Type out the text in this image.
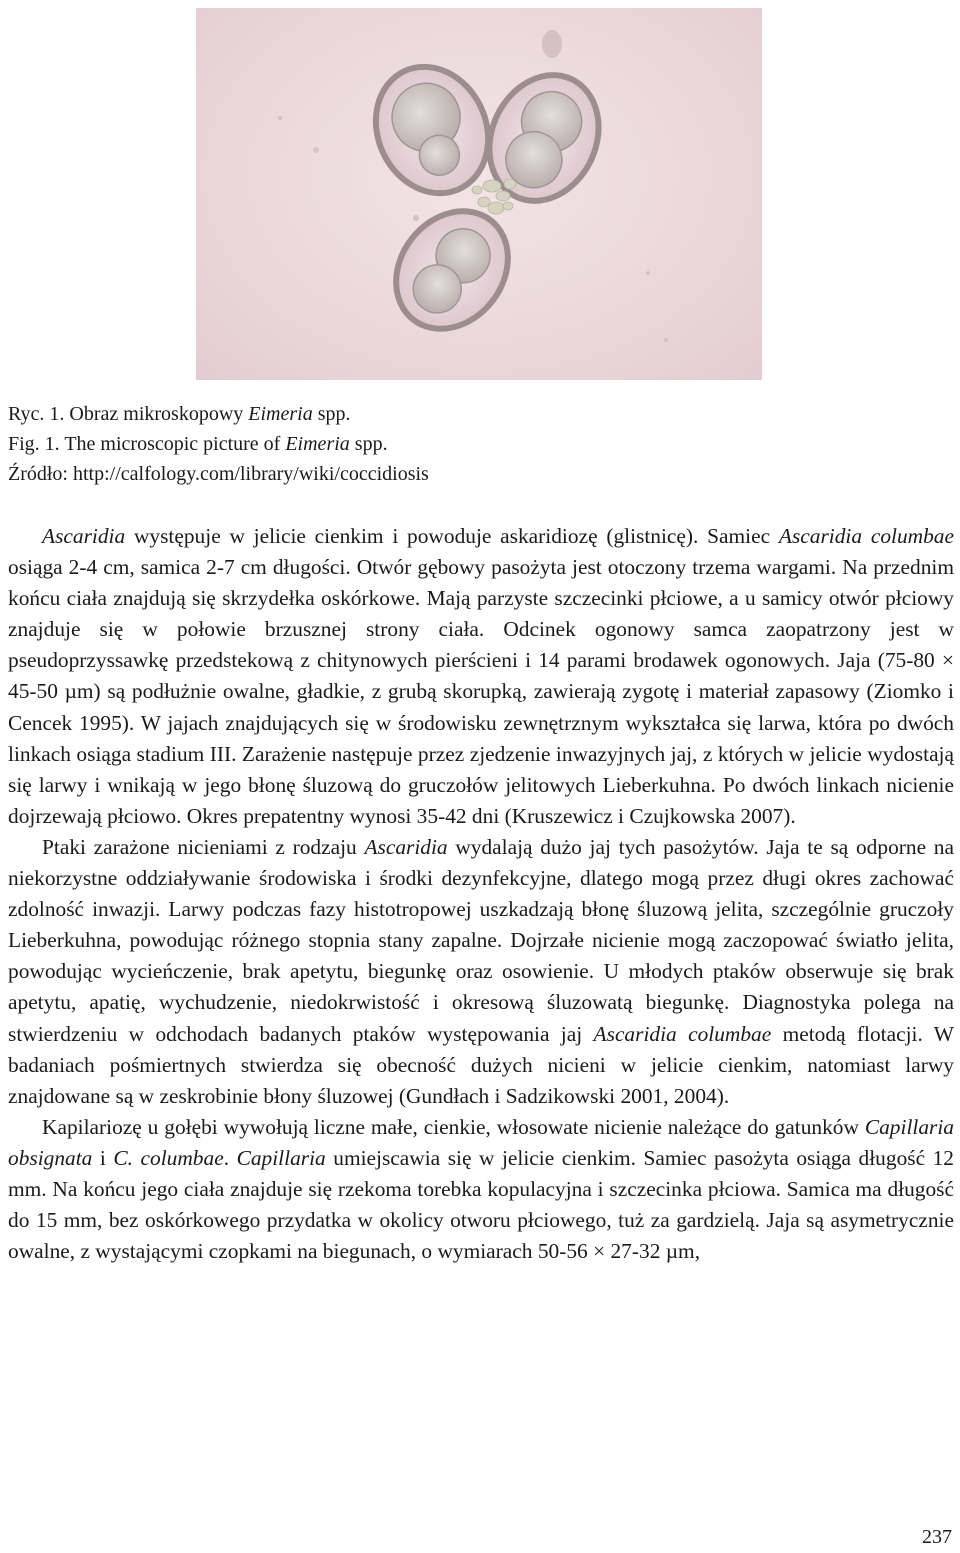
Ryc. 1. Obraz mikroskopowy Eimeria spp.
Fig. 1. The microscopic picture of Eimeria spp.
Źródło: http://calfology.com/library/wiki/coccidiosis

Ascaridia występuje w jelicie cienkim i powoduje askaridiozę (glistnicę). Samiec Ascaridia columbae osiąga 2-4 cm, samica 2-7 cm długości. Otwór gębowy pasożyta jest otoczony trzema wargami. Na przednim końcu ciała znajdują się skrzydełka oskórkowe. Mają parzyste szczecinki płciowe, a u samicy otwór płciowy znajduje się w połowie brzusznej strony ciała. Odcinek ogonowy samca zaopatrzony jest w pseudoprzyssawkę przedstekową z chitynowych pierścieni i 14 parami brodawek ogonowych. Jaja (75-80 × 45-50 µm) są podłużnie owalne, gładkie, z grubą skorupką, zawierają zygotę i materiał zapasowy (Ziomko i Cencek 1995). W jajach znajdujących się w środowisku zewnętrznym wykształca się larwa, która po dwóch linkach osiąga stadium III. Zarażenie następuje przez zjedzenie inwazyjnych jaj, z których w jelicie wydostają się larwy i wnikają w jego błonę śluzową do gruczołów jelitowych Lieberkuhna. Po dwóch linkach nicienie dojrzewają płciowo. Okres prepatentny wynosi 35-42 dni (Kruszewicz i Czujkowska 2007).

Ptaki zarażone nicieniami z rodzaju Ascaridia wydalają dużo jaj tych pasożytów. Jaja te są odporne na niekorzystne oddziaływanie środowiska i środki dezynfekcyjne, dlatego mogą przez długi okres zachować zdolność inwazji. Larwy podczas fazy histotropowej uszkadzają błonę śluzową jelita, szczególnie gruczoły Lieberkuhna, powodując różnego stopnia stany zapalne. Dojrzałe nicienie mogą zaczopować światło jelita, powodując wycieńczenie, brak apetytu, biegunkę oraz osowienie. U młodych ptaków obserwuje się brak apetytu, apatię, wychudzenie, niedokrwistość i okresową śluzowatą biegunkę. Diagnostyka polega na stwierdzeniu w odchodach badanych ptaków występowania jaj Ascaridia columbae metodą flotacji. W badaniach pośmiertnych stwierdza się obecność dużych nicieni w jelicie cienkim, natomiast larwy znajdowane są w zeskrobinie błony śluzowej (Gundłach i Sadzikowski 2001, 2004).

Kapilariozę u gołębi wywołują liczne małe, cienkie, włosowate nicienie należące do gatunków Capillaria obsignata i C. columbae. Capillaria umiejscawia się w jelicie cienkim. Samiec pasożyta osiąga długość 12 mm. Na końcu jego ciała znajduje się rzekoma torebka kopulacyjna i szczecinka płciowa. Samica ma długość do 15 mm, bez oskórkowego przydatka w okolicy otworu płciowego, tuż za gardzielą. Jaja są asymetrycznie owalne, z wystającymi czopkami na biegunach, o wymiarach 50-56 × 27-32 µm,

237
